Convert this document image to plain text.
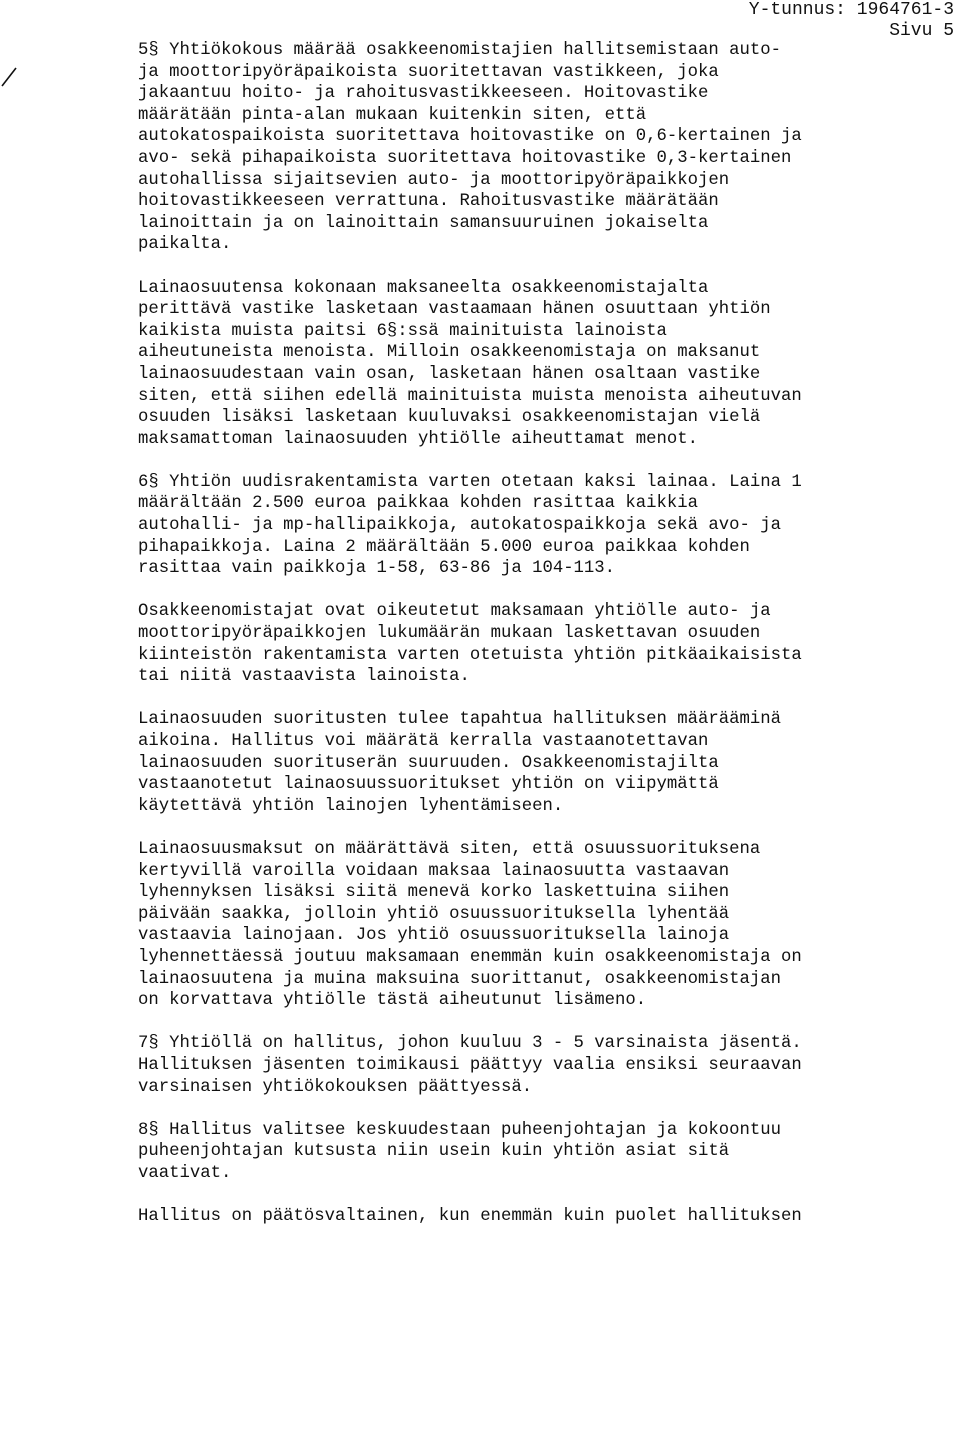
Y-tunnus: 1964761-3
Sivu 5

5§ Yhtiökokous määrää osakkeenomistajien hallitsemistaan auto-
ja moottoripyöräpaikoista suoritettavan vastikkeen, joka
jakaantuu hoito- ja rahoitusvastikkeeseen. Hoitovastike
määrätään pinta-alan mukaan kuitenkin siten, että
autokatospaikoista suoritettava hoitovastike on 0,6-kertainen ja
avo- sekä pihapaikoista suoritettava hoitovastike 0,3-kertainen
autohallissa sijaitsevien auto- ja moottoripyöräpaikkojen
hoitovastikkeeseen verrattuna. Rahoitusvastike määrätään
lainoittain ja on lainoittain samansuuruinen jokaiselta
paikalta.

Lainaosuutensa kokonaan maksaneelta osakkeenomistajalta
perittävä vastike lasketaan vastaamaan hänen osuuttaan yhtiön
kaikista muista paitsi 6§:ssä mainituista lainoista
aiheutuneista menoista. Milloin osakkeenomistaja on maksanut
lainaosuudestaan vain osan, lasketaan hänen osaltaan vastike
siten, että siihen edellä mainituista muista menoista aiheutuvan
osuuden lisäksi lasketaan kuuluvaksi osakkeenomistajan vielä
maksamattoman lainaosuuden yhtiölle aiheuttamat menot.

6§ Yhtiön uudisrakentamista varten otetaan kaksi lainaa. Laina 1
määrältään 2.500 euroa paikkaa kohden rasittaa kaikkia
autohalli- ja mp-hallipaikkoja, autokatospaikkoja sekä avo- ja
pihapaikkoja. Laina 2 määrältään 5.000 euroa paikkaa kohden
rasittaa vain paikkoja 1-58, 63-86 ja 104-113.

Osakkeenomistajat ovat oikeutetut maksamaan yhtiölle auto- ja
moottoripyöräpaikkojen lukumäärän mukaan laskettavan osuuden
kiinteistön rakentamista varten otetuista yhtiön pitkäaikaisista
tai niitä vastaavista lainoista.

Lainaosuuden suoritusten tulee tapahtua hallituksen määrääminä
aikoina. Hallitus voi määrätä kerralla vastaanotettavan
lainaosuuden suorituserän suuruuden. Osakkeenomistajilta
vastaanotetut lainaosuussuoritukset yhtiön on viipymättä
käytettävä yhtiön lainojen lyhentämiseen.

Lainaosuusmaksut on määrättävä siten, että osuussuorituksena
kertyvillä varoilla voidaan maksaa lainaosuutta vastaavan
lyhennyksen lisäksi siitä menevä korko laskettuina siihen
päivään saakka, jolloin yhtiö osuussuorituksella lyhentää
vastaavia lainojaan. Jos yhtiö osuussuorituksella lainoja
lyhennettäessä joutuu maksamaan enemmän kuin osakkeenomistaja on
lainaosuutena ja muina maksuina suorittanut, osakkeenomistajan
on korvattava yhtiölle tästä aiheutunut lisämeno.

7§ Yhtiöllä on hallitus, johon kuuluu 3 - 5 varsinaista jäsentä.
Hallituksen jäsenten toimikausi päättyy vaalia ensiksi seuraavan
varsinaisen yhtiökokouksen päättyessä.

8§ Hallitus valitsee keskuudestaan puheenjohtajan ja kokoontuu
puheenjohtajan kutsusta niin usein kuin yhtiön asiat sitä
vaativat.

Hallitus on päätösvaltainen, kun enemmän kuin puolet hallituksen
